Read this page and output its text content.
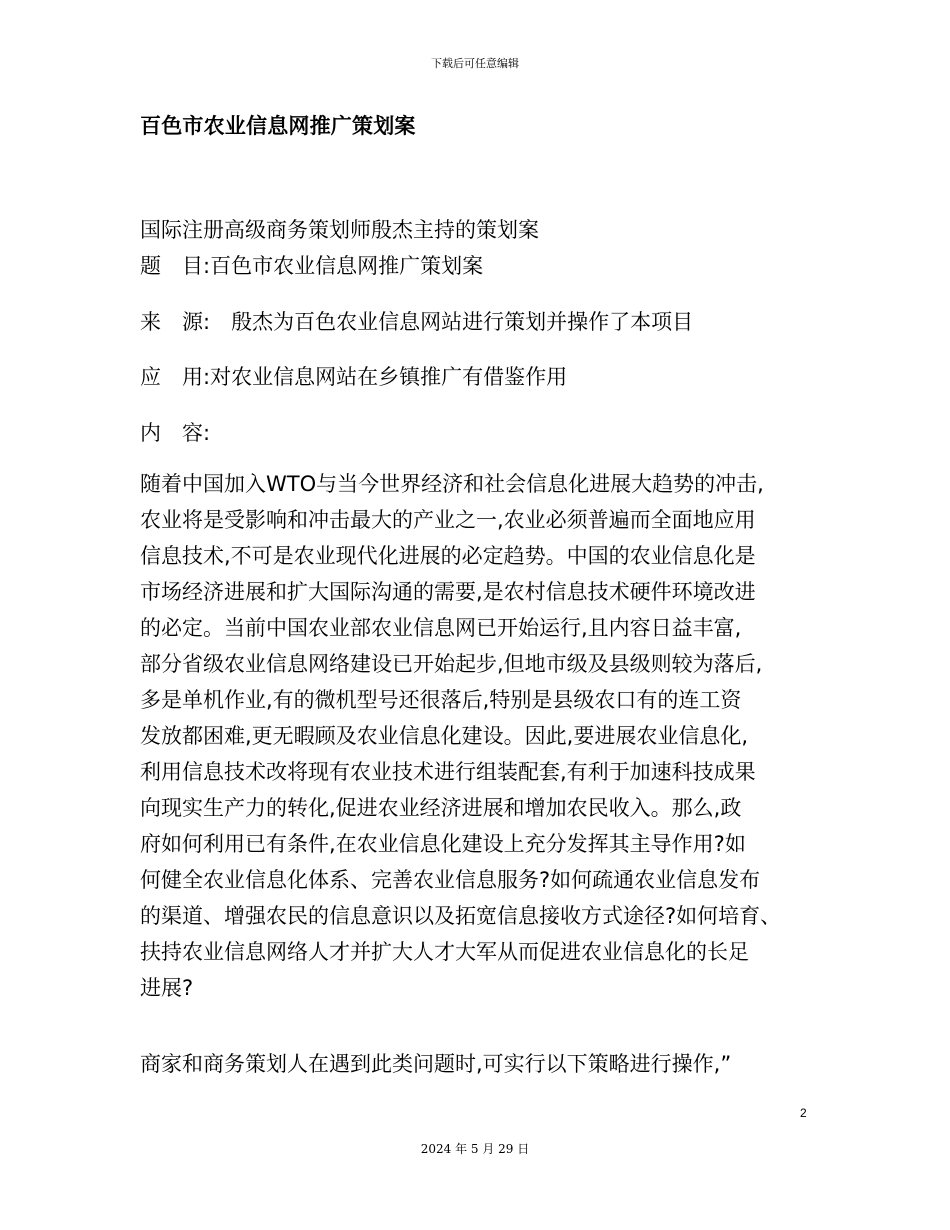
下载后可任意编辑
百色市农业信息网推广策划案
国际注册高级商务策划师殷杰主持的策划案
题　目:百色市农业信息网推广策划案
来　源:　殷杰为百色农业信息网站进行策划并操作了本项目
应　用:对农业信息网站在乡镇推广有借鉴作用
内　容:
随着中国加入WTO与当今世界经济和社会信息化进展大趋势的冲击,
农业将是受影响和冲击最大的产业之一,农业必须普遍而全面地应用
信息技术,不可是农业现代化进展的必定趋势。中国的农业信息化是
市场经济进展和扩大国际沟通的需要,是农村信息技术硬件环境改进
的必定。当前中国农业部农业信息网已开始运行,且内容日益丰富,
部分省级农业信息网络建设已开始起步,但地市级及县级则较为落后,
多是单机作业,有的微机型号还很落后,特别是县级农口有的连工资
发放都困难,更无暇顾及农业信息化建设。因此,要进展农业信息化,
利用信息技术改将现有农业技术进行组装配套,有利于加速科技成果
向现实生产力的转化,促进农业经济进展和增加农民收入。那么,政
府如何利用已有条件,在农业信息化建设上充分发挥其主导作用?如
何健全农业信息化体系、完善农业信息服务?如何疏通农业信息发布
的渠道、增强农民的信息意识以及拓宽信息接收方式途径?如何培育、
扶持农业信息网络人才并扩大人才大军从而促进农业信息化的长足
进展?
商家和商务策划人在遇到此类问题时,可实行以下策略进行操作,”
2
2024 年 5 月 29 日
